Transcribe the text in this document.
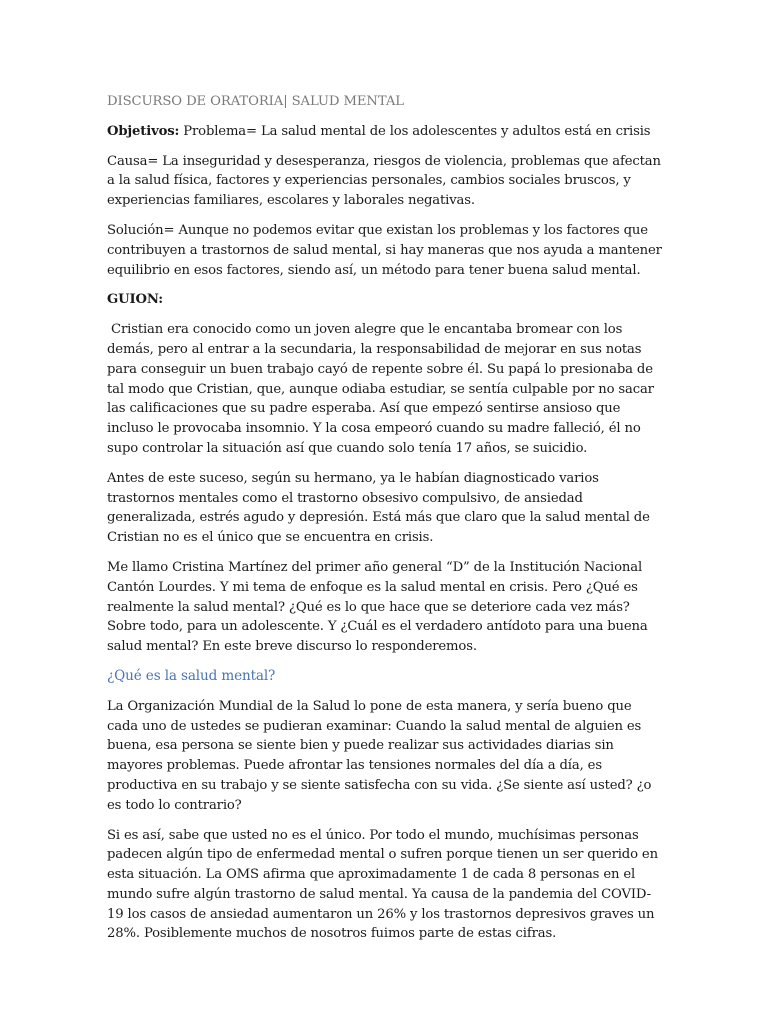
DISCURSO DE ORATORIA| SALUD MENTAL

Objetivos: Problema= La salud mental de los adolescentes y adultos está en crisis

Causa= La inseguridad y desesperanza, riesgos de violencia, problemas que afectan a la salud física, factores y experiencias personales, cambios sociales bruscos, y experiencias familiares, escolares y laborales negativas.

Solución= Aunque no podemos evitar que existan los problemas y los factores que contribuyen a trastornos de salud mental, si hay maneras que nos ayuda a mantener equilibrio en esos factores, siendo así, un método para tener buena salud mental.

GUION:

Cristian era conocido como un joven alegre que le encantaba bromear con los demás, pero al entrar a la secundaria, la responsabilidad de mejorar en sus notas para conseguir un buen trabajo cayó de repente sobre él. Su papá lo presionaba de tal modo que Cristian, que, aunque odiaba estudiar, se sentía culpable por no sacar las calificaciones que su padre esperaba. Así que empezó sentirse ansioso que incluso le provocaba insomnio. Y la cosa empeoró cuando su madre falleció, él no supo controlar la situación así que cuando solo tenía 17 años, se suicidio.

Antes de este suceso, según su hermano, ya le habían diagnosticado varios trastornos mentales como el trastorno obsesivo compulsivo, de ansiedad generalizada, estrés agudo y depresión. Está más que claro que la salud mental de Cristian no es el único que se encuentra en crisis.

Me llamo Cristina Martínez del primer año general “D” de la Institución Nacional Cantón Lourdes. Y mi tema de enfoque es la salud mental en crisis. Pero ¿Qué es realmente la salud mental? ¿Qué es lo que hace que se deteriore cada vez más? Sobre todo, para un adolescente. Y ¿Cuál es el verdadero antídoto para una buena salud mental? En este breve discurso lo responderemos.

¿Qué es la salud mental?

La Organización Mundial de la Salud lo pone de esta manera, y sería bueno que cada uno de ustedes se pudieran examinar: Cuando la salud mental de alguien es buena, esa persona se siente bien y puede realizar sus actividades diarias sin mayores problemas. Puede afrontar las tensiones normales del día a día, es productiva en su trabajo y se siente satisfecha con su vida. ¿Se siente así usted? ¿o es todo lo contrario?

Si es así, sabe que usted no es el único. Por todo el mundo, muchísimas personas padecen algún tipo de enfermedad mental o sufren porque tienen un ser querido en esta situación. La OMS afirma que aproximadamente 1 de cada 8 personas en el mundo sufre algún trastorno de salud mental. Ya causa de la pandemia del COVID-19 los casos de ansiedad aumentaron un 26% y los trastornos depresivos graves un 28%. Posiblemente muchos de nosotros fuimos parte de estas cifras.
